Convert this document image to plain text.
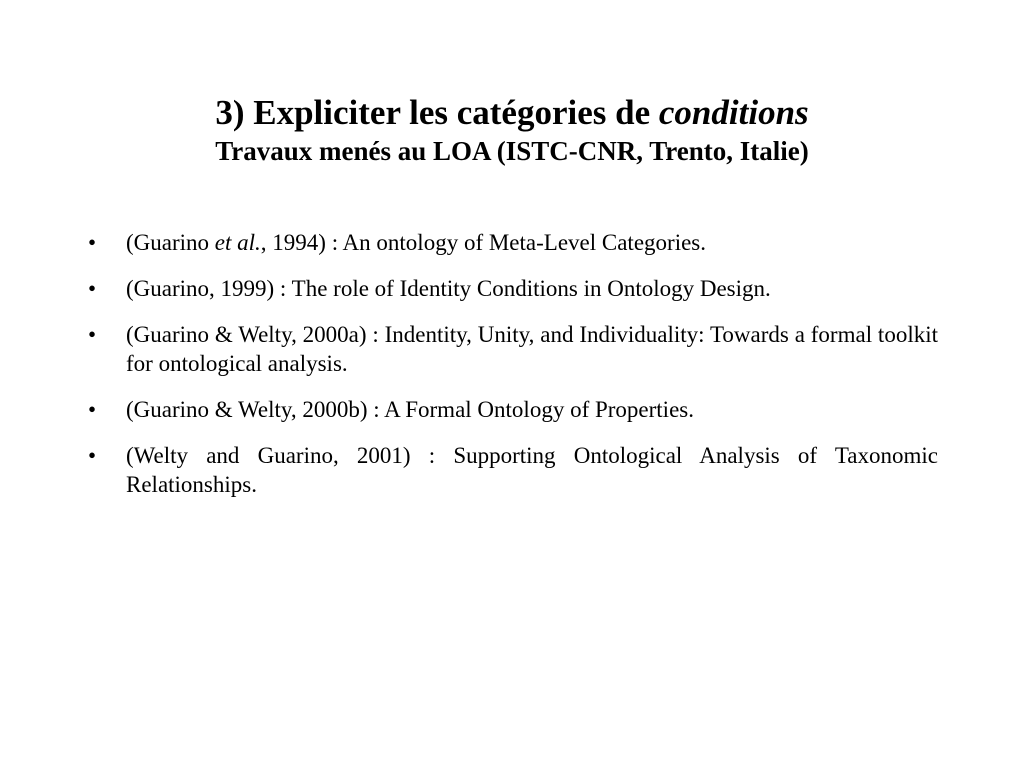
3) Expliciter les catégories de conditions

Travaux menés au LOA (ISTC-CNR, Trento, Italie)

•	(Guarino et al., 1994) : An ontology of Meta-Level Categories.
•	(Guarino, 1999) : The role of Identity Conditions in Ontology Design.
•	(Guarino & Welty, 2000a) : Indentity, Unity, and Individuality: Towards a formal toolkit for ontological analysis.
•	(Guarino & Welty, 2000b) : A Formal Ontology of Properties.
•	(Welty and Guarino, 2001) : Supporting Ontological Analysis of Taxonomic Relationships.
